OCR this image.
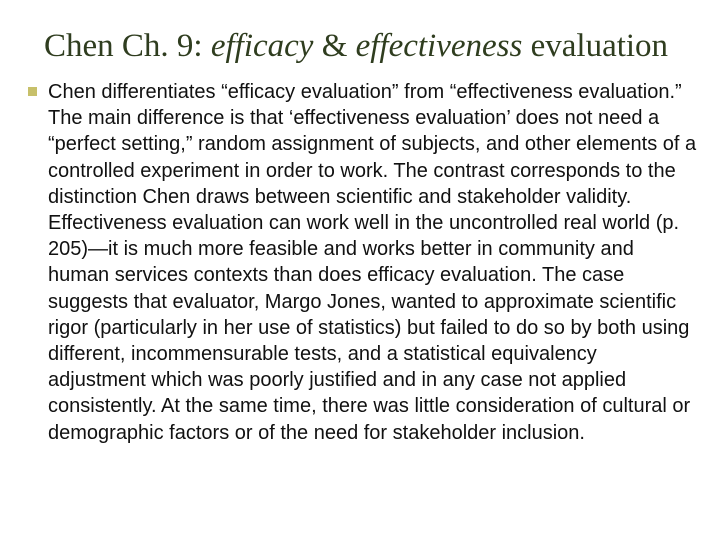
Chen Ch. 9: efficacy & effectiveness evaluation

Chen differentiates “efficacy evaluation” from “effectiveness evaluation.” The main difference is that ‘effectiveness evaluation’ does not need a “perfect setting,” random assignment of subjects, and other elements of a controlled experiment in order to work. The contrast corresponds to the distinction Chen draws between scientific and stakeholder validity. Effectiveness evaluation can work well in the uncontrolled real world (p. 205)—it is much more feasible and works better in community and human services contexts than does efficacy evaluation. The case suggests that evaluator, Margo Jones, wanted to approximate scientific rigor (particularly in her use of statistics) but failed to do so by both using different, incommensurable tests, and a statistical equivalency adjustment which was poorly justified and in any case not applied consistently. At the same time, there was little consideration of cultural or demographic factors or of the need for stakeholder inclusion.
